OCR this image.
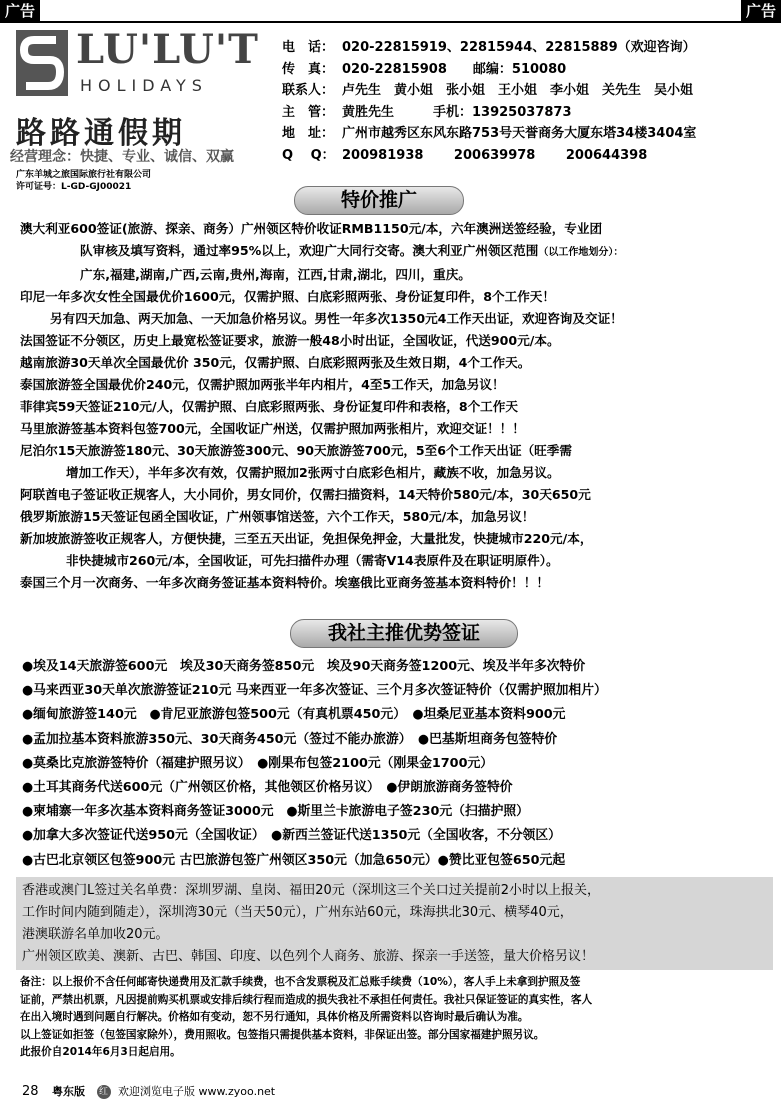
广告	广告
LU'LU'T
HOLIDAYS
路路通假期
经营理念：快捷、专业、诚信、双赢
广东羊城之旅国际旅行社有限公司
许可证号：L-GD-GJ00021
电　话： 020-22815919、22815944、22815889（欢迎咨询）
传　真： 020-22815908　　邮编：510080
联系人： 卢先生　黄小姐　张小姐　王小姐　李小姐　关先生　吴小姐
主　管： 黄胜先生　　　手机：13925037873
地　址： 广州市越秀区东风东路753号天誉商务大厦东塔34楼3404室
Q　 Q： 200981938　　 200639978　　 200644398
特价推广
澳大利亚600签证(旅游、探亲、商务）广州领区特价收证RMB1150元/本，六年澳洲送签经验，专业团
队审核及填写资料，通过率95%以上，欢迎广大同行交寄。澳大利亚广州领区范围（以工作地划分）：
广东,福建,湖南,广西,云南,贵州,海南，江西,甘肃,湖北，四川，重庆。
印尼一年多次女性全国最优价1600元，仅需护照、白底彩照两张、身份证复印件，8个工作天！
另有四天加急、两天加急、一天加急价格另议。男性一年多次1350元4工作天出证，欢迎咨询及交证！
法国签证不分领区，历史上最宽松签证要求，旅游一般48小时出证，全国收证，代送900元/本。
越南旅游30天单次全国最优价 350元，仅需护照、白底彩照两张及生效日期，4个工作天。
泰国旅游签全国最优价240元，仅需护照加两张半年内相片，4至5工作天，加急另议！
菲律宾59天签证210元/人，仅需护照、白底彩照两张、身份证复印件和表格，8个工作天
马里旅游签基本资料包签700元，全国收证广州送，仅需护照加两张相片，欢迎交证！！！
尼泊尔15天旅游签180元、30天旅游签300元、90天旅游签700元，5至6个工作天出证（旺季需
增加工作天），半年多次有效，仅需护照加2张两寸白底彩色相片，藏族不收，加急另议。
阿联酋电子签证收正规客人，大小同价，男女同价，仅需扫描资料，14天特价580元/本，30天650元
俄罗斯旅游15天签证包函全国收证，广州领事馆送签，六个工作天，580元/本，加急另议！
新加坡旅游签收正规客人，方便快捷，三至五天出证，免担保免押金，大量批发，快捷城市220元/本，
非快捷城市260元/本，全国收证，可先扫描件办理（需寄V14表原件及在职证明原件）。
泰国三个月一次商务、一年多次商务签证基本资料特价。埃塞俄比亚商务签基本资料特价！！！
我社主推优势签证
●埃及14天旅游签600元　埃及30天商务签850元　埃及90天商务签1200元、埃及半年多次特价
●马来西亚30天单次旅游签证210元 马来西亚一年多次签证、三个月多次签证特价（仅需护照加相片）
●缅甸旅游签140元　●肯尼亚旅游包签500元（有真机票450元）　●坦桑尼亚基本资料900元
●孟加拉基本资料旅游350元、30天商务450元（签过不能办旅游）　●巴基斯坦商务包签特价
●莫桑比克旅游签特价（福建护照另议）　●刚果布包签2100元（刚果金1700元）
●土耳其商务代送600元（广州领区价格，其他领区价格另议）　●伊朗旅游商务签特价
●柬埔寨一年多次基本资料商务签证3000元　●斯里兰卡旅游电子签230元（扫描护照）
●加拿大多次签证代送950元（全国收证）　●新西兰签证代送1350元（全国收客，不分领区）
●古巴北京领区包签900元 古巴旅游包签广州领区350元（加急650元）●赞比亚包签650元起
香港或澳门L签过关名单费：深圳罗湖、皇岗、福田20元（深圳这三个关口过关提前2小时以上报关，
工作时间内随到随走），深圳湾30元（当天50元），广州东站60元，珠海拱北30元、横琴40元，
港澳联游名单加收20元。
广州领区欧美、澳新、古巴、韩国、印度、以色列个人商务、旅游、探亲一手送签，量大价格另议！
备注：以上报价不含任何邮寄快递费用及汇款手续费，也不含发票税及汇总账手续费（10%），客人手上未拿到护照及签
证前，严禁出机票，凡因提前购买机票或安排后续行程而造成的损失我社不承担任何责任。我社只保证签证的真实性，客人
在出入境时遇到问题自行解决。价格如有变动，恕不另行通知，具体价格及所需资料以咨询时最后确认为准。
以上签证如拒签（包签国家除外），费用照收。包签指只需提供基本资料，非保证出签。部分国家福建护照另议。
此报价自2014年6月3日起启用。
28 粤东版 红 欢迎浏览电子版 www.zyoo.net
